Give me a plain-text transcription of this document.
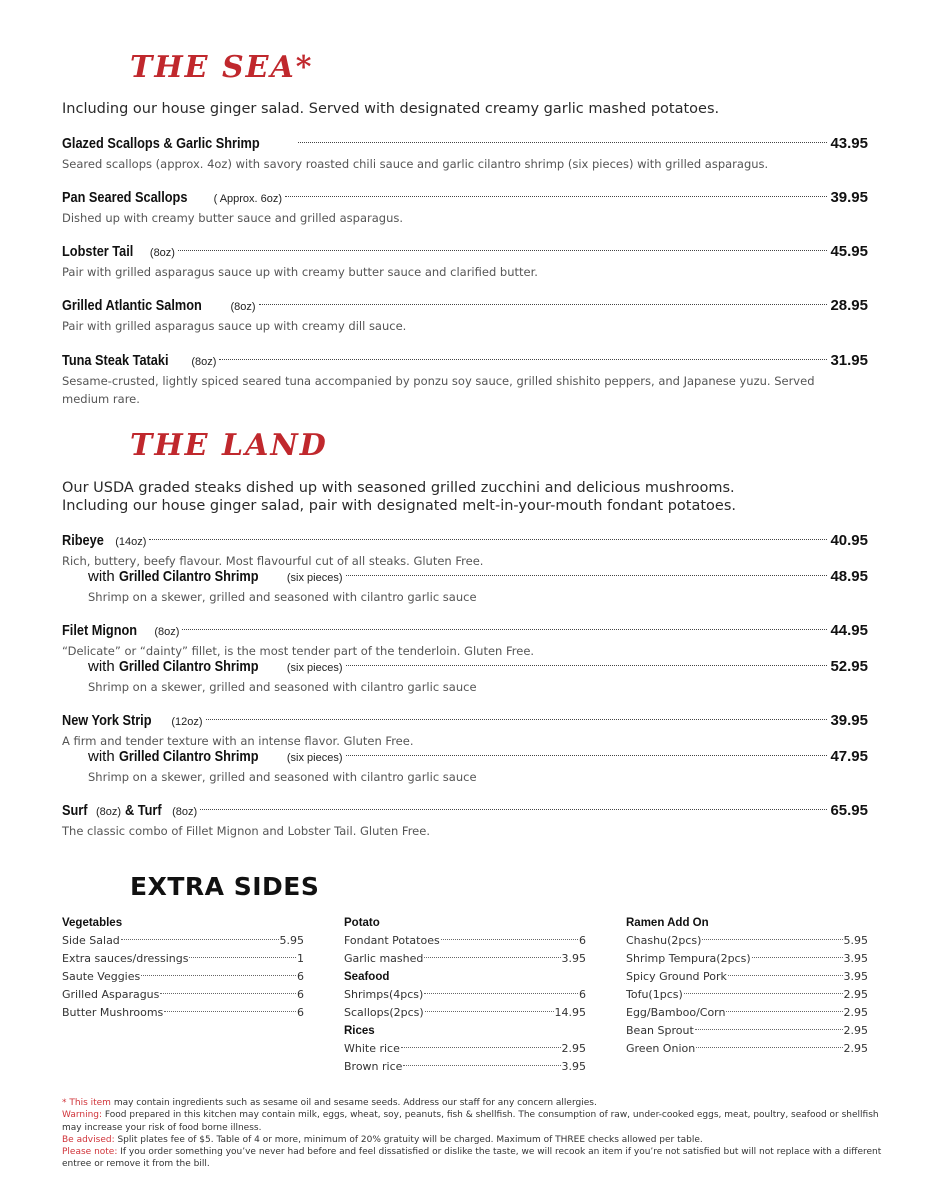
THE SEA*
Including our house ginger salad. Served with designated creamy garlic mashed potatoes.
Glazed Scallops & Garlic Shrimp	43.95
Seared scallops (approx. 4oz) with savory roasted chili sauce and garlic cilantro shrimp (six pieces) with grilled asparagus.
Pan Seared Scallops ( Approx. 6oz)	39.95
Dished up with creamy butter sauce and grilled asparagus.
Lobster Tail (8oz)	45.95
Pair with grilled asparagus sauce up with creamy butter sauce and clarified butter.
Grilled Atlantic Salmon	(8oz)	28.95
Pair with grilled asparagus sauce up with creamy dill sauce.
Tuna Steak Tataki (8oz)	31.95
Sesame-crusted, lightly spiced seared tuna accompanied by ponzu soy sauce, grilled shishito peppers, and Japanese yuzu. Served medium rare.
THE LAND
Our USDA graded steaks dished up with seasoned grilled zucchini and delicious mushrooms.
Including our house ginger salad, pair with designated melt-in-your-mouth fondant potatoes.
Ribeye (14oz)	40.95
Rich, buttery, beefy flavour. Most flavourful cut of all steaks. Gluten Free.
with Grilled Cilantro Shrimp	(six pieces)	48.95
Shrimp on a skewer, grilled and seasoned with cilantro garlic sauce
Filet Mignon (8oz)	44.95
“Delicate” or “dainty” fillet, is the most tender part of the tenderloin. Gluten Free.
with Grilled Cilantro Shrimp	(six pieces)	52.95
Shrimp on a skewer, grilled and seasoned with cilantro garlic sauce
New York Strip (12oz)	39.95
A firm and tender texture with an intense flavor. Gluten Free.
with Grilled Cilantro Shrimp	(six pieces)	47.95
Shrimp on a skewer, grilled and seasoned with cilantro garlic sauce
Surf (8oz) & Turf (8oz)	65.95
The classic combo of Fillet Mignon and Lobster Tail. Gluten Free.
EXTRA SIDES
Vegetables
Side Salad	5.95
Extra sauces/dressings	1
Saute Veggies	6
Grilled Asparagus	6
Butter Mushrooms	6
Potato
Fondant Potatoes	6
Garlic mashed	3.95
Seafood
Shrimps(4pcs)	6
Scallops(2pcs)	14.95
Rices
White rice	2.95
Brown rice	3.95
Ramen Add On
Chashu(2pcs)	5.95
Shrimp Tempura(2pcs)	3.95
Spicy Ground Pork	3.95
Tofu(1pcs)	2.95
Egg/Bamboo/Corn	2.95
Bean Sprout	2.95
Green Onion	2.95
* This item may contain ingredients such as sesame oil and sesame seeds. Address our staff for any concern allergies.
Warning: Food prepared in this kitchen may contain milk, eggs, wheat, soy, peanuts, fish & shellfish. The consumption of raw, under-cooked eggs, meat, poultry, seafood or shellfish may increase your risk of food borne illness.
Be advised: Split plates fee of $5. Table of 4 or more, minimum of 20% gratuity will be charged. Maximum of THREE checks allowed per table.
Please note: If you order something you’ve never had before and feel dissatisfied or dislike the taste, we will recook an item if you’re not satisfied but will not replace with a different entree or remove it from the bill.
